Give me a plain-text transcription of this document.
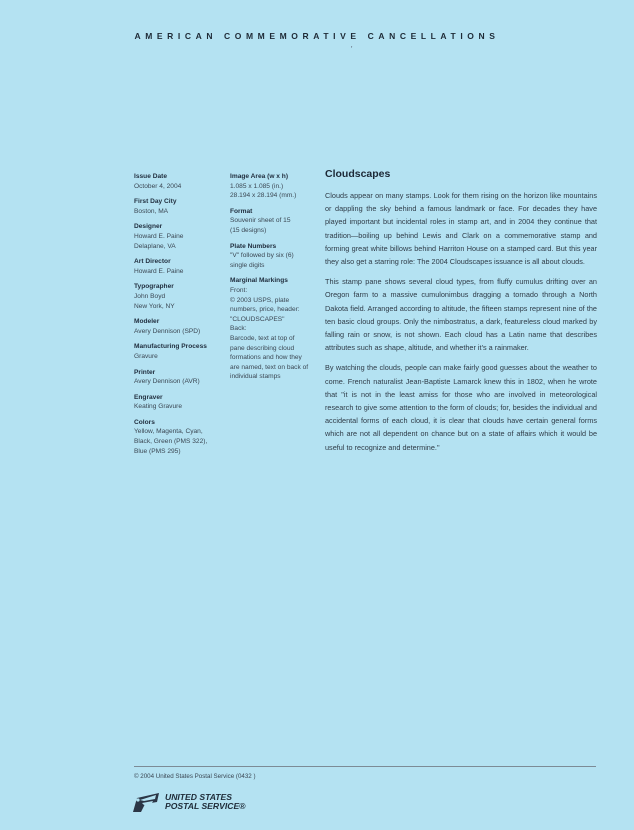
AMERICAN COMMEMORATIVE CANCELLATIONS
′
Issue Date
October 4, 2004
First Day City
Boston, MA
Designer
Howard E. Paine
Delaplane, VA
Art Director
Howard E. Paine
Typographer
John Boyd
New York, NY
Modeler
Avery Dennison (SPD)
Manufacturing Process
Gravure
Printer
Avery Dennison (AVR)
Engraver
Keating Gravure
Colors
Yellow, Magenta, Cyan,
Black, Green (PMS 322),
Blue (PMS 295)
Image Area (w x h)
1.085 x 1.085 (in.)
28.194 x 28.194 (mm.)
Format
Souvenir sheet of 15
(15 designs)
Plate Numbers
"V" followed by six (6)
single digits
Marginal Markings
Front:
© 2003 USPS, plate
numbers, price, header:
"CLOUDSCAPES"
Back:
Barcode, text at top of
pane describing cloud
formations and how they
are named, text on back of
individual stamps
Cloudscapes

Clouds appear on many stamps. Look for them rising on the horizon like mountains or dappling the sky behind a famous landmark or face. For decades they have played important but incidental roles in stamp art, and in 2004 they continue that tradition—boiling up behind Lewis and Clark on a commemorative stamp and forming great white billows behind Harriton House on a stamped card. But this year they also get a starring role: The 2004 Cloudscapes issuance is all about clouds.

This stamp pane shows several cloud types, from fluffy cumulus drifting over an Oregon farm to a massive cumulonimbus dragging a tornado through a North Dakota field. Arranged according to altitude, the fifteen stamps represent nine of the ten basic cloud groups. Only the nimbostratus, a dark, featureless cloud marked by falling rain or snow, is not shown. Each cloud has a Latin name that describes attributes such as shape, altitude, and whether it's a rainmaker.

By watching the clouds, people can make fairly good guesses about the weather to come. French naturalist Jean-Baptiste Lamarck knew this in 1802, when he wrote that "it is not in the least amiss for those who are involved in meteorological research to give some attention to the form of clouds; for, besides the individual and accidental forms of each cloud, it is clear that clouds have certain general forms which are not all dependent on chance but on a state of affairs which it would be useful to recognize and determine."

© 2004 United States Postal Service (0432 )
UNITED STATES
POSTAL SERVICE®
